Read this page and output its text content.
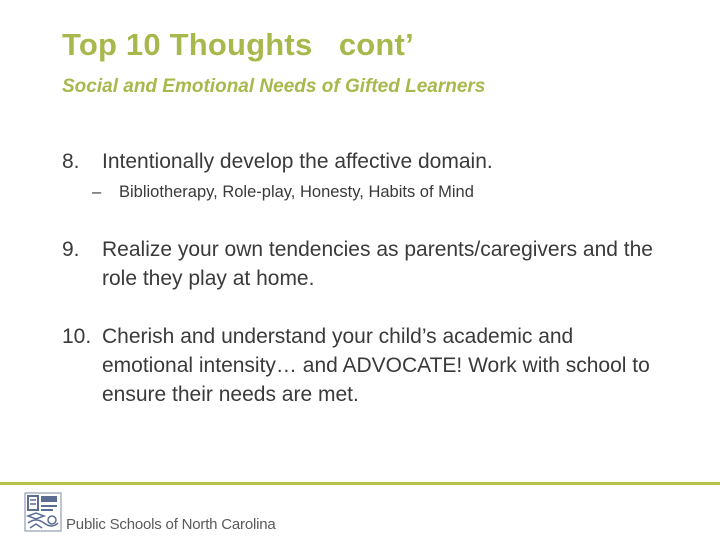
Top 10 Thoughts   cont’
Social and Emotional Needs of Gifted Learners
8.	Intentionally develop the affective domain.
– Bibliotherapy, Role-play, Honesty, Habits of Mind
9.	Realize your own tendencies as parents/caregivers and the role they play at home.
10. Cherish and understand your child’s academic and emotional intensity… and ADVOCATE! Work with school to ensure their needs are met.
Public Schools of North Carolina
